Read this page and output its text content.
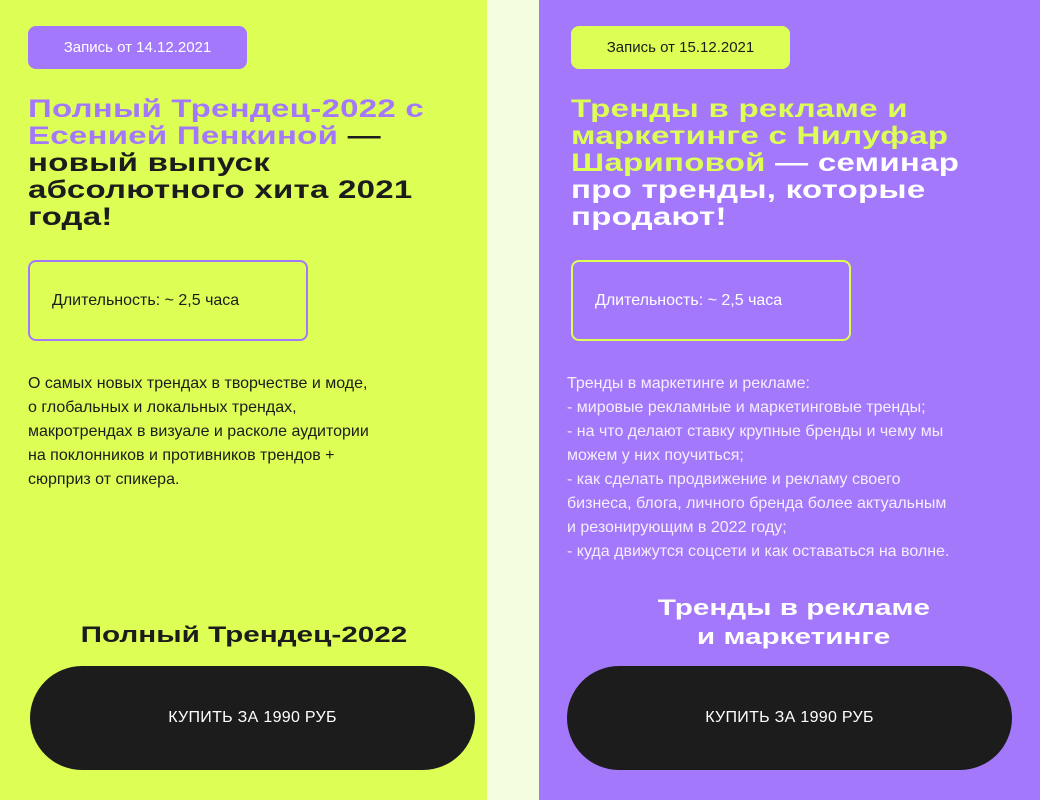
Запись от 14.12.2021
Полный Трендец-2022 с Есенией Пенкиной — новый выпуск абсолютного хита 2021 года!
Длительность: ~ 2,5 часа
О самых новых трендах в творчестве и моде,
о глобальных и локальных трендах,
макротрендах в визуале и расколе аудитории
на поклонников и противников трендов +
сюрприз от спикера.
Полный Трендец-2022
КУПИТЬ ЗА 1990 РУБ
Запись от 15.12.2021
Тренды в рекламе и маркетинге с Нилуфар Шариповой — семинар про тренды, которые продают!
Длительность: ~ 2,5 часа
Тренды в маркетинге и рекламе:
- мировые рекламные и маркетинговые тренды;
- на что делают ставку крупные бренды и чему мы
можем у них поучиться;
- как сделать продвижение и рекламу своего
бизнеса, блога, личного бренда более актуальным
и резонирующим в 2022 году;
- куда движутся соцсети и как оставаться на волне.
Тренды в рекламе
и маркетинге
КУПИТЬ ЗА 1990 РУБ
